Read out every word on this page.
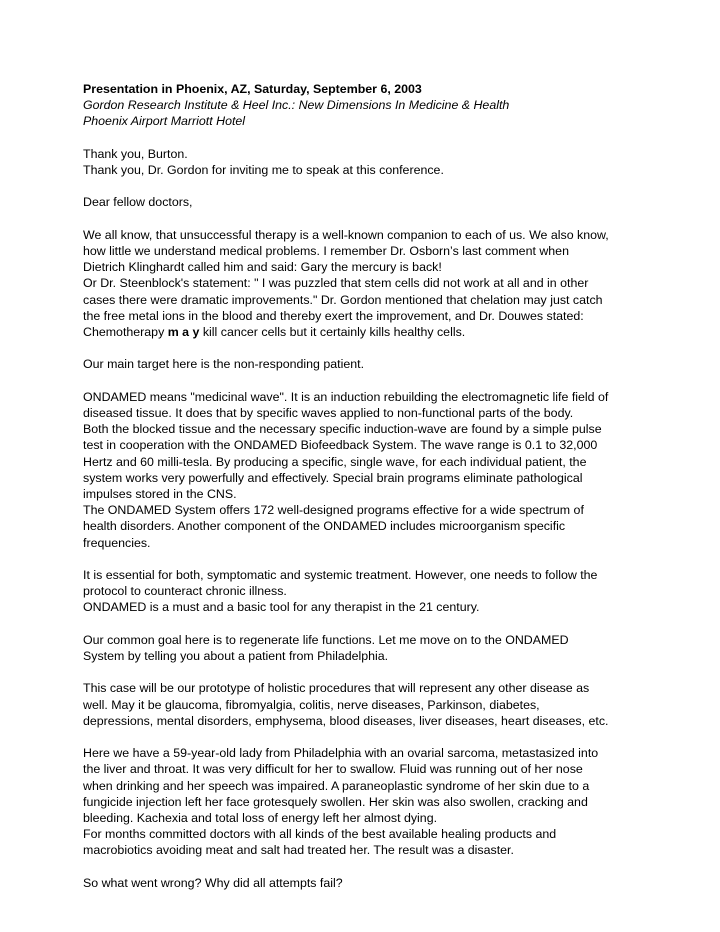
Presentation in Phoenix, AZ, Saturday, September 6, 2003
Gordon Research Institute & Heel Inc.: New Dimensions In Medicine & Health
Phoenix Airport Marriott Hotel
Thank you, Burton.
Thank you, Dr. Gordon for inviting me to speak at this conference.
Dear fellow doctors,
We all know, that unsuccessful therapy is a well-known companion to each of us. We also know,
how little we understand medical problems. I remember Dr. Osborn’s last comment when
Dietrich Klinghardt called him and said: Gary the mercury is back!
Or Dr. Steenblock's statement: " I was puzzled that stem cells did not work at all and in other
cases there were dramatic improvements." Dr. Gordon mentioned that chelation may just catch
the free metal ions in the blood and thereby exert the improvement, and Dr. Douwes stated:
Chemotherapy m a y kill cancer cells but it certainly kills healthy cells.
Our main target here is the non-responding patient.
ONDAMED means "medicinal wave". It is an induction rebuilding the electromagnetic life field of
diseased tissue. It does that by specific waves applied to non-functional parts of the body.
Both the blocked tissue and the necessary specific induction-wave are found by a simple pulse
test in cooperation with the ONDAMED Biofeedback System. The wave range is 0.1 to 32,000
Hertz and 60 milli-tesla. By producing a specific, single wave, for each individual patient, the
system works very powerfully and effectively. Special brain programs eliminate pathological
impulses stored in the CNS.
The ONDAMED System offers 172 well-designed programs effective for a wide spectrum of
health disorders. Another component of the ONDAMED includes microorganism specific
frequencies.
It is essential for both, symptomatic and systemic treatment. However, one needs to follow the
protocol to counteract chronic illness.
ONDAMED is a must and a basic tool for any therapist in the 21 century.
Our common goal here is to regenerate life functions. Let me move on to the ONDAMED
System by telling you about a patient from Philadelphia.
This case will be our prototype of holistic procedures that will represent any other disease as
well. May it be glaucoma, fibromyalgia, colitis, nerve diseases, Parkinson, diabetes,
depressions, mental disorders, emphysema, blood diseases, liver diseases, heart diseases, etc.
Here we have a 59-year-old lady from Philadelphia with an ovarial sarcoma, metastasized into
the liver and throat. It was very difficult for her to swallow. Fluid was running out of her nose
when drinking and her speech was impaired. A paraneoplastic syndrome of her skin due to a
fungicide injection left her face grotesquely swollen. Her skin was also swollen, cracking and
bleeding. Kachexia and total loss of energy left her almost dying.
For months committed doctors with all kinds of the best available healing products and
macrobiotics avoiding meat and salt had treated her. The result was a disaster.
So what went wrong? Why did all attempts fail?
